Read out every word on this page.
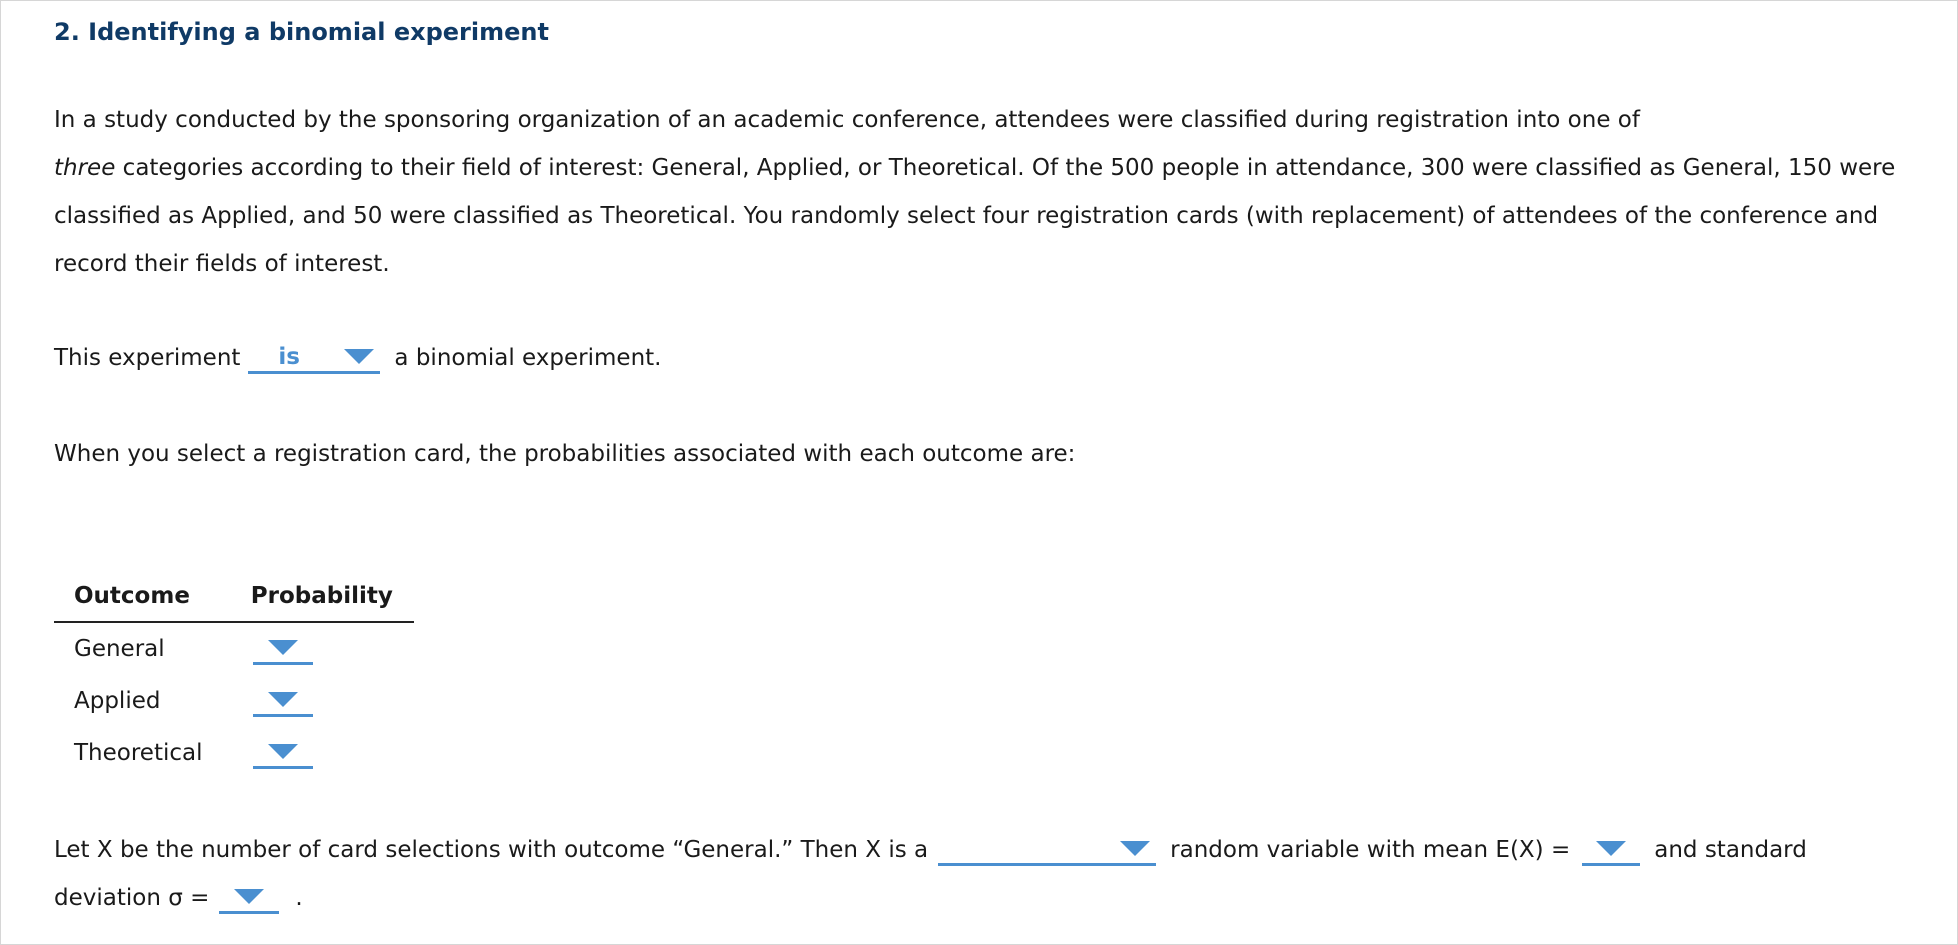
2. Identifying a binomial experiment

In a study conducted by the sponsoring organization of an academic conference, attendees were classified during registration into one of
three categories according to their field of interest: General, Applied, or Theoretical. Of the 500 people in attendance, 300 were classified as General, 150 were classified as Applied, and 50 were classified as Theoretical. You randomly select four registration cards (with replacement) of attendees of the conference and record their fields of interest.

This experiment	is	a binomial experiment.
When you select a registration card, the probabilities associated with each outcome are:
Outcome	Probability
General	

Applied	

Theoretical	
Let X be the number of card selections with outcome “General.” Then X is a	random variable with mean E(X) =	and standard
deviation σ =	.
